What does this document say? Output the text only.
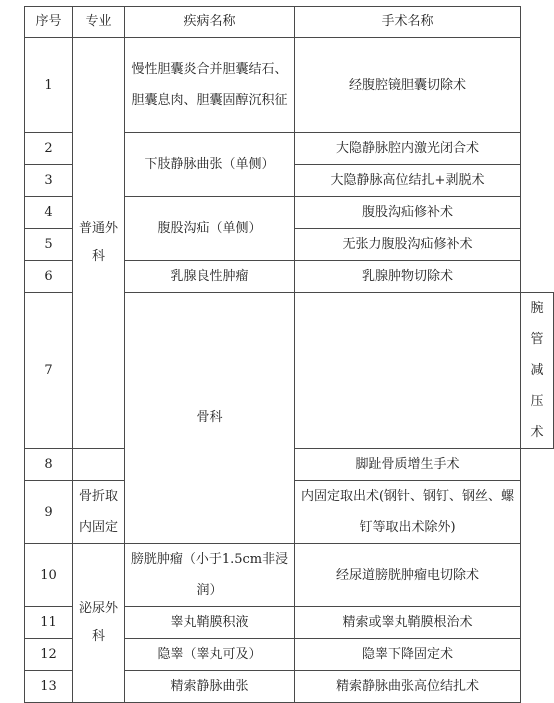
序号	专业	疾病名称	手术名称	
1	普通外科	慢性胆囊炎合并胆囊结石、胆囊息肉、胆囊固醇沉积征	经腹腔镜胆囊切除术	
2		下肢静脉曲张（单侧）	大隐静脉腔内激光闭合术	
3			大隐静脉高位结扎+剥脱术	
4		腹股沟疝（单侧）	腹股沟疝修补术	
5			无张力腹股沟疝修补术	
6		乳腺良性肿瘤	乳腺肿物切除术	
7		骨科		腕管减压术
8			脚趾骨质增生手术	
9	骨折取内固定		内固定取出术(钢针、钢钉、钢丝、螺钉等取出术除外)	
10	泌尿外科	膀胱肿瘤（小于1.5cm非浸润）	经尿道膀胱肿瘤电切除术	
11		睾丸鞘膜积液	精索或睾丸鞘膜根治术	
12		隐睾（睾丸可及）	隐睾下降固定术	
13		精索静脉曲张	精索静脉曲张高位结扎术	
